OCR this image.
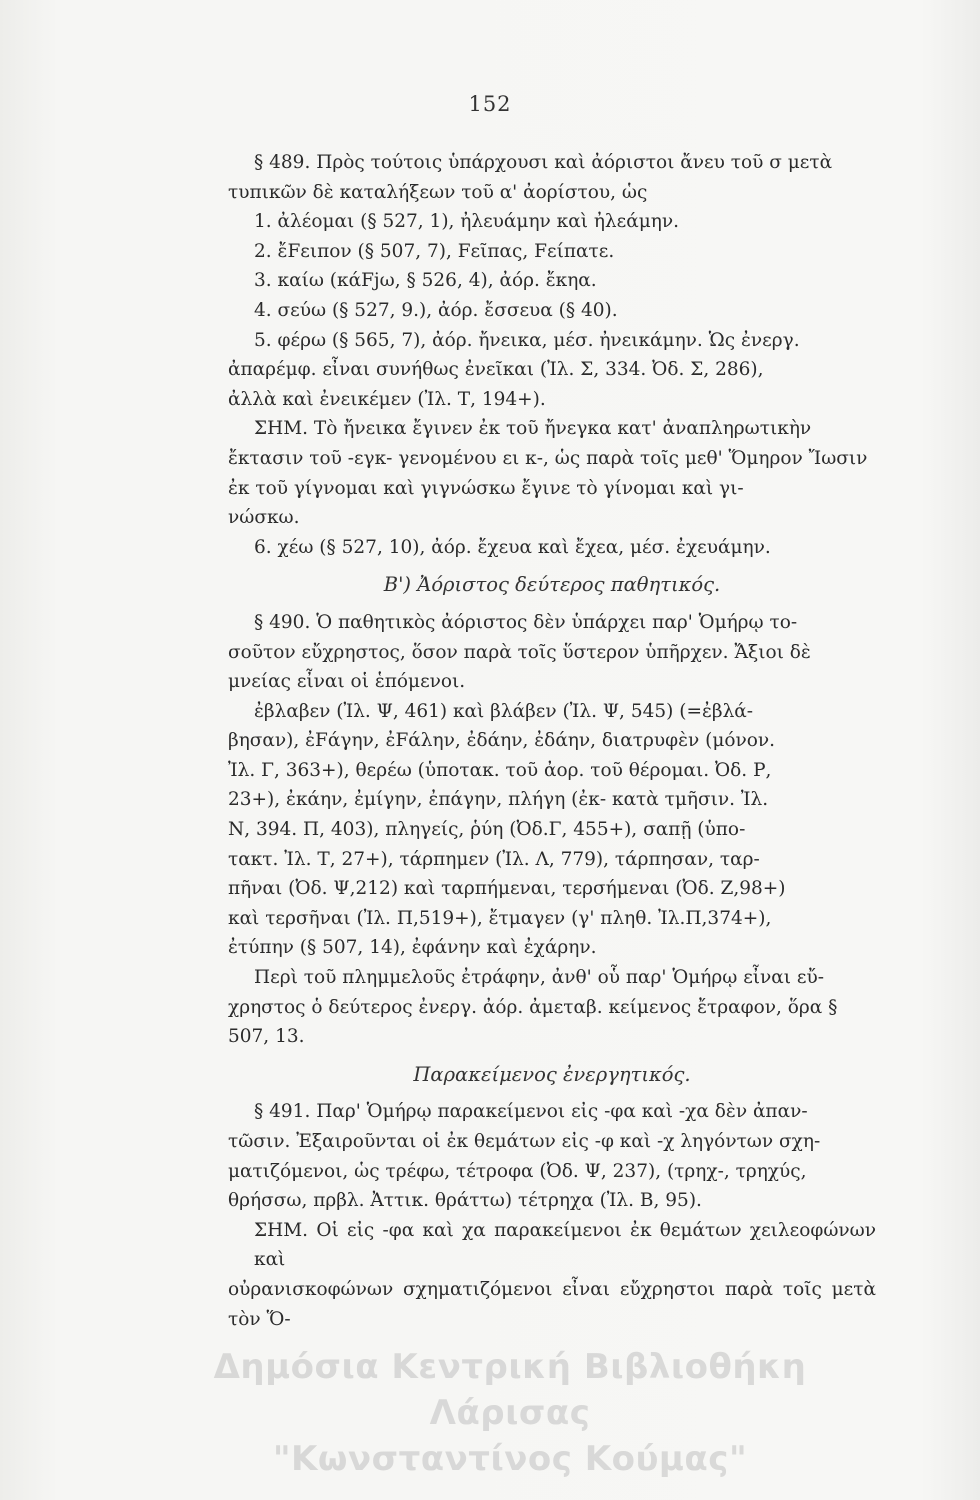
152
§ 489. Πρὸς τούτοις ὑπάρχουσι καὶ ἀόριστοι ἄνευ τοῦ σ μετὰ
τυπικῶν δὲ καταλήξεων τοῦ α' ἀορίστου, ὡς
1. ἀλέομαι (§ 527, 1), ἠλευάμην καὶ ἠλεάμην.
2. ἔFειπον (§ 507, 7), Fεῖπας, Fείπατε.
3. καίω (κάFjω, § 526, 4), ἀόρ. ἔκηα.
4. σεύω (§ 527, 9.), ἀόρ. ἔσσευα (§ 40).
5. φέρω (§ 565, 7), ἀόρ. ἤνεικα, μέσ. ἠνεικάμην. Ὡς ἐνεργ.
ἀπαρέμφ. εἶναι συνήθως ἐνεῖκαι (Ἰλ. Σ, 334. Ὀδ. Σ, 286),
ἀλλὰ καὶ ἐνεικέμεν (Ἰλ. Τ, 194+).
ΣΗΜ. Τὸ ἤνεικα ἔγινεν ἐκ τοῦ ἤνεγκα κατ' ἀναπληρωτικὴν
ἔκτασιν τοῦ -εγκ- γενομένου ει κ-, ὡς παρὰ τοῖς μεθ' Ὅμηρον Ἴωσιν
ἐκ τοῦ γίγνομαι καὶ γιγνώσκω ἔγινε τὸ γίνομαι καὶ γι-
νώσκω.
6. χέω (§ 527, 10), ἀόρ. ἔχευα καὶ ἔχεα, μέσ. ἐχευάμην.
Β') Ἀόριστος δεύτερος παθητικός.
§ 490. Ὁ παθητικὸς ἀόριστος δὲν ὑπάρχει παρ' Ὁμήρῳ το-
σοῦτον εὔχρηστος, ὅσον παρὰ τοῖς ὕστερον ὑπῆρχεν. Ἄξιοι δὲ
μνείας εἶναι οἱ ἑπόμενοι.
ἐβλαβεν (Ἰλ. Ψ, 461) καὶ βλάβεν (Ἰλ. Ψ, 545) (=ἐβλά-
βησαν), ἐFάγην, ἐFάλην, ἐδάην, ἐδάην, διατρυφὲν (μόνον.
Ἰλ. Γ, 363+), θερέω (ὑποτακ. τοῦ ἀορ. τοῦ θέρομαι. Ὀδ. Ρ,
23+), ἐκάην, ἐμίγην, ἐπάγην, πλήγη (ἐκ- κατὰ τμῆσιν. Ἰλ.
Ν, 394. Π, 403), πληγείς, ῥύη (Ὀδ.Γ, 455+), σαπῇ (ὑπο-
τακτ. Ἰλ. Τ, 27+), τάρπημεν (Ἰλ. Λ, 779), τάρπησαν, ταρ-
πῆναι (Ὀδ. Ψ,212) καὶ ταρπήμεναι, τερσήμεναι (Ὀδ. Ζ,98+)
καὶ τερσῆναι (Ἰλ. Π,519+), ἔτμαγεν (γ' πληθ. Ἰλ.Π,374+),
ἐτύπην (§ 507, 14), ἐφάνην καὶ ἐχάρην.
Περὶ τοῦ πλημμελοῦς ἐτράφην, ἀνθ' οὗ παρ' Ὁμήρῳ εἶναι εὔ-
χρηστος ὁ δεύτερος ἐνεργ. ἀόρ. ἀμεταβ. κείμενος ἔτραφον, ὅρα §
507, 13.
Παρακείμενος ἐνεργητικός.
§ 491. Παρ' Ὁμήρῳ παρακείμενοι εἰς -φα καὶ -χα δὲν ἀπαν-
τῶσιν. Ἐξαιροῦνται οἱ ἐκ θεμάτων εἰς -φ καὶ -χ ληγόντων σχη-
ματιζόμενοι, ὡς τρέφω, τέτροφα (Ὀδ. Ψ, 237), (τρηχ-, τρηχύς,
θρήσσω, πρβλ. Ἀττικ. θράττω) τέτρηχα (Ἰλ. Β, 95).
ΣΗΜ. Οἱ εἰς -φα καὶ χα παρακείμενοι ἐκ θεμάτων χειλεοφώνων καὶ
οὐρανισκοφώνων σχηματιζόμενοι εἶναι εὔχρηστοι παρὰ τοῖς μετὰ τὸν Ὅ-
Δημόσια Κεντρική Βιβλιοθήκη Λάρισας
"Κωνσταντίνος Κούμας"
